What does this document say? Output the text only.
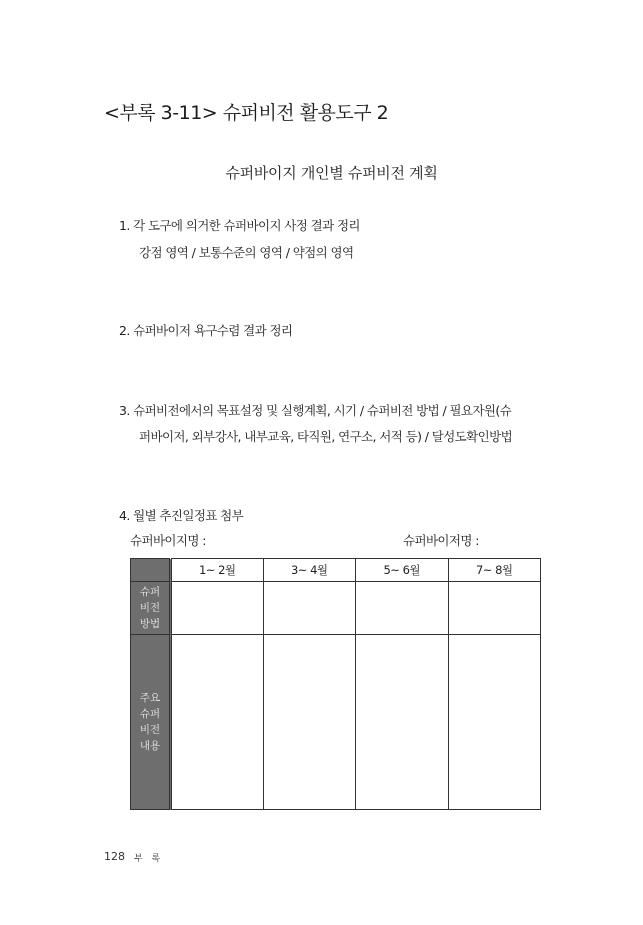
<부록 3-11> 슈퍼비전 활용도구 2
슈퍼바이지 개인별 슈퍼비전 계획
1. 각 도구에 의거한 슈퍼바이지 사정 결과 정리
강점 영역 / 보통수준의 영역 / 약점의 영역
2. 슈퍼바이저 욕구수렴 결과 정리
3. 슈퍼비전에서의 목표설정 및 실행계획, 시기 / 슈퍼비전 방법 / 필요자원(슈
퍼바이저, 외부강사, 내부교육, 타직원, 연구소, 서적 등) / 달성도확인방법
4. 월별 추진일정표 첨부
슈퍼바이지명 :	슈퍼바이저명 :
	1~ 2월	3~ 4월	5~ 6월	7~ 8월

슈퍼 비전 방법				

주요 슈퍼 비전 내용				

128 부 록
